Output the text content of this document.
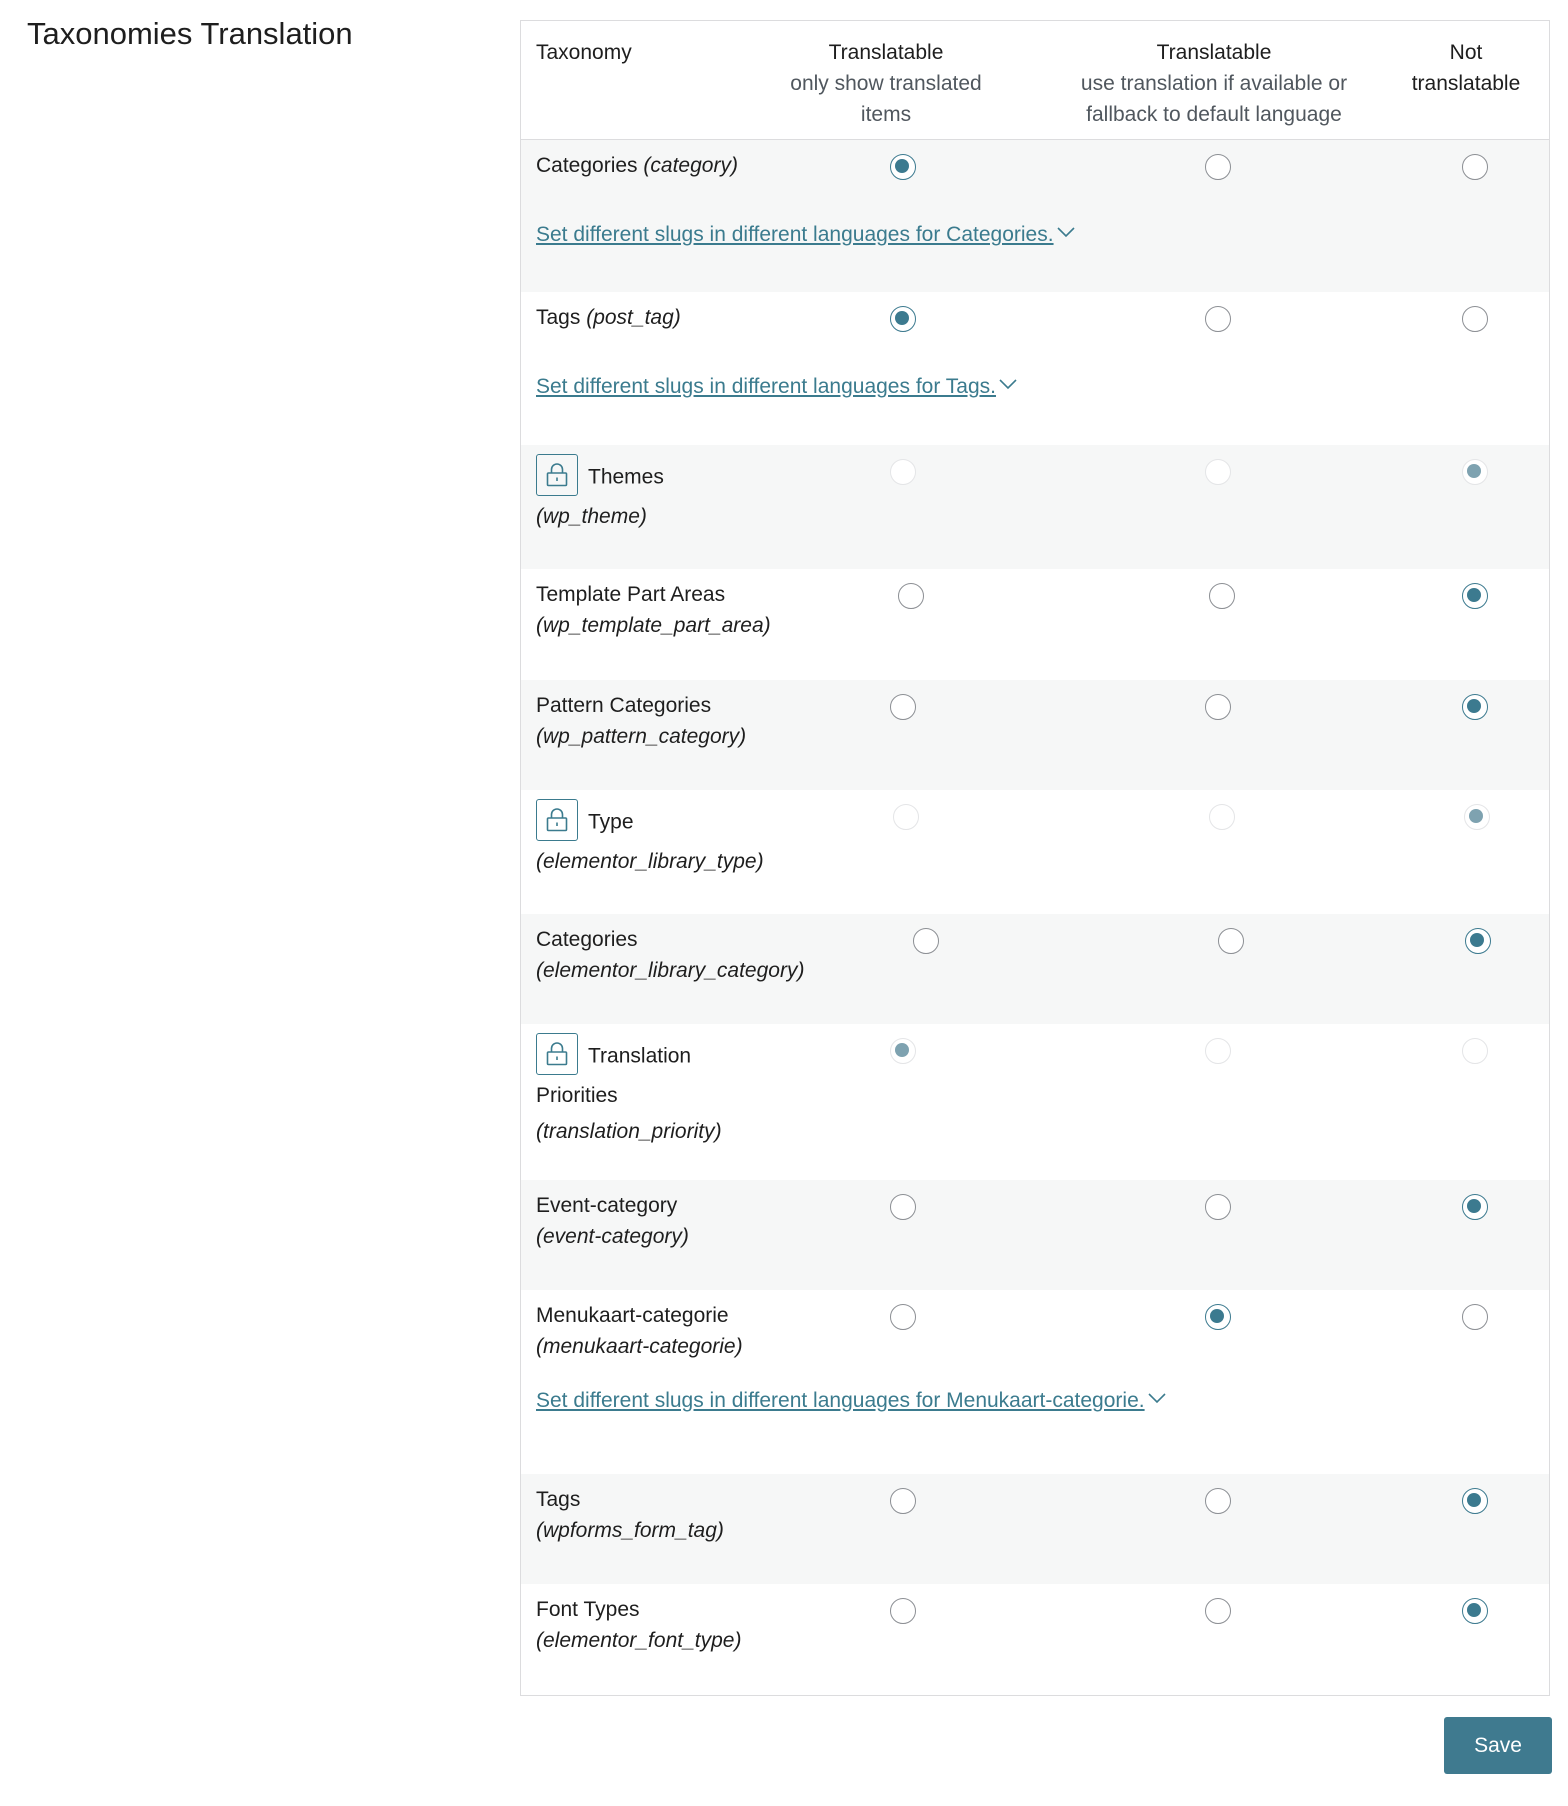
Taxonomies Translation
Taxonomy	Translatable
only show translated items
Translatable
use translation if available or fallback to default language
Not translatable
Categories (category)
Set different slugs in different languages for Categories.
Tags (post_tag)
Set different slugs in different languages for Tags.
Themes
(wp_theme)
Template Part Areas
(wp_template_part_area)
Pattern Categories
(wp_pattern_category)
Type
(elementor_library_type)
Categories
(elementor_library_category)
Translation Priorities
(translation_priority)
Event-category
(event-category)
Menukaart-categorie
(menukaart-categorie)
Set different slugs in different languages for Menukaart-categorie.
Tags
(wpforms_form_tag)
Font Types
(elementor_font_type)
Save
